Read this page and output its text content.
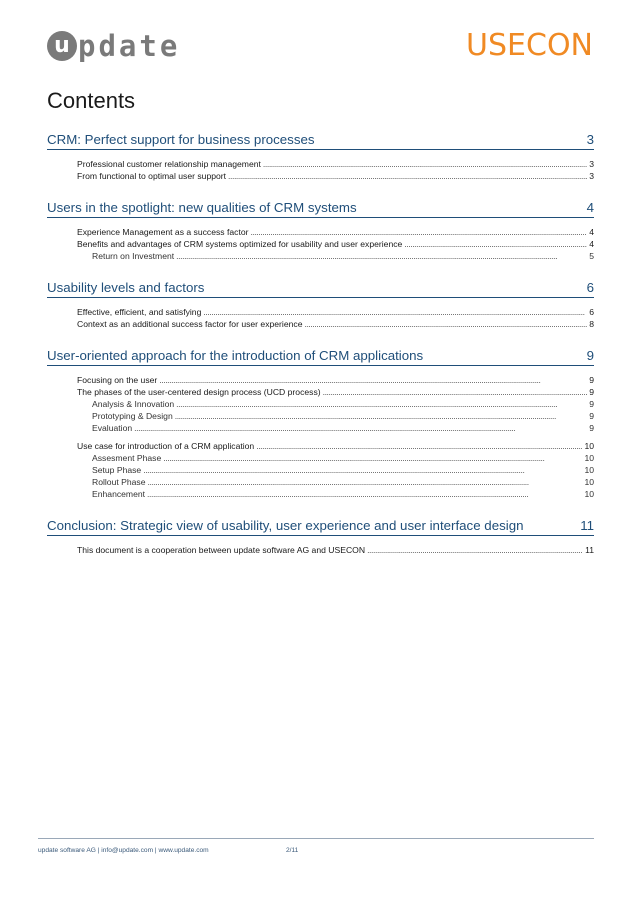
u pdate	USECON
Contents
CRM: Perfect support for business processes	3
Professional customer relationship management . . .	3
From functional to optimal user support . . .	3
Users in the spotlight: new qualities of CRM systems	4
Experience Management as a success factor . . .	4
Benefits and advantages of CRM systems optimized for usability and user experience . . .	4
Return on Investment . . .	5
Usability levels and factors	6
Effective, efficient, and satisfying . . .	6
Context as an additional success factor for user experience . . .	8
User-oriented approach for the introduction of CRM applications	9
Focusing on the user . . .	9
The phases of the user-centered design process (UCD process) . . .	9
Analysis & Innovation . . .	9
Prototyping & Design . . .	9
Evaluation . . .	9
Use case for introduction of a CRM application . . .	10
Assesment Phase . . .	10
Setup Phase . . .	10
Rollout Phase . . .	10
Enhancement . . .	10
Conclusion: Strategic view of usability, user experience and user interface design	11
This document is a cooperation between update software AG and USECON . . .	11
update software AG | info@update.com | www.update.com	2/11
